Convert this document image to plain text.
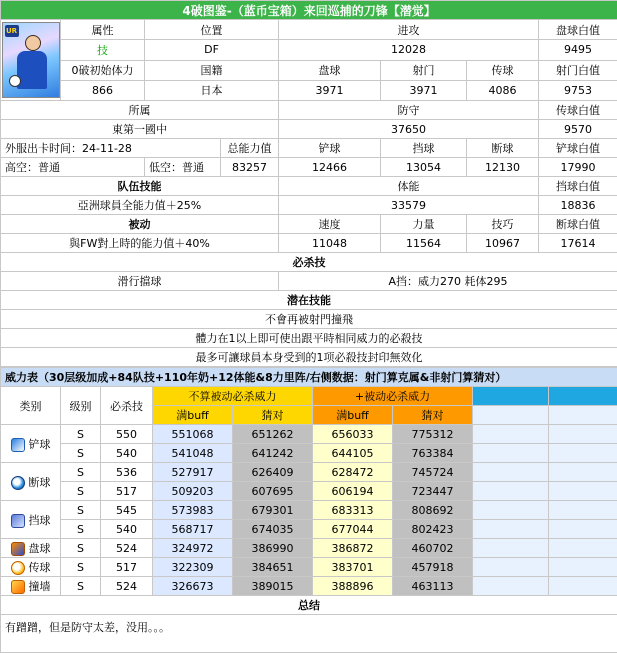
4破图鉴-（蓝币宝箱）来回巡捕的刀锋【潜觉】							

UR	属性	位置		进攻			盘球白值
	技	DF		12028			9495
	0破初始体力	国籍		盘球	射门	传球	射门白值
	866	日本		3971	3971	4086	9753
所属				防守			传球白值
東第一國中				37650			9570
外服出卡时间：24-11-28			总能力值	铲球	挡球	断球	铲球白值
高空：普通		低空：普通	83257	12466	13054	12130	17990
队伍技能				体能			挡球白值
亞洲球員全能力值＋25%				33579			18836
被动				速度	力量	技巧	断球白值
與FW對上時的能力值＋40%				11048	11564	10967	17614
必杀技							
滑行擋球				A挡：威力270 耗体295			
潜在技能							
不會再被射門撞飛							
體力在1以上即可使出跟平時相同威力的必殺技							
最多可讓球員本身受到的1项必殺技封印無效化							
威力表（30层级加成+84队技+110年奶+12体能&8力里阵/右侧数据：射门算克属&非射门算猜对）								
类别	级别	必杀技	不算被动必杀威力		+被动必杀威力			
			满buff	猜对	满buff	猜对		
铲球	S	550	551068	651262	656033	775312		
	S	540	541048	641242	644105	763384		
断球	S	536	527917	626409	628472	745724		
	S	517	509203	607695	606194	723447		
挡球	S	545	573983	679301	683313	808692		
	S	540	568717	674035	677044	802423		
盘球	S	524	324972	386990	386872	460702		
传球	S	517	322309	384651	383701	457918		
撞墙	S	524	326673	389015	388896	463113		
总结								
有蹭蹭，但是防守太差，没用。。。								
